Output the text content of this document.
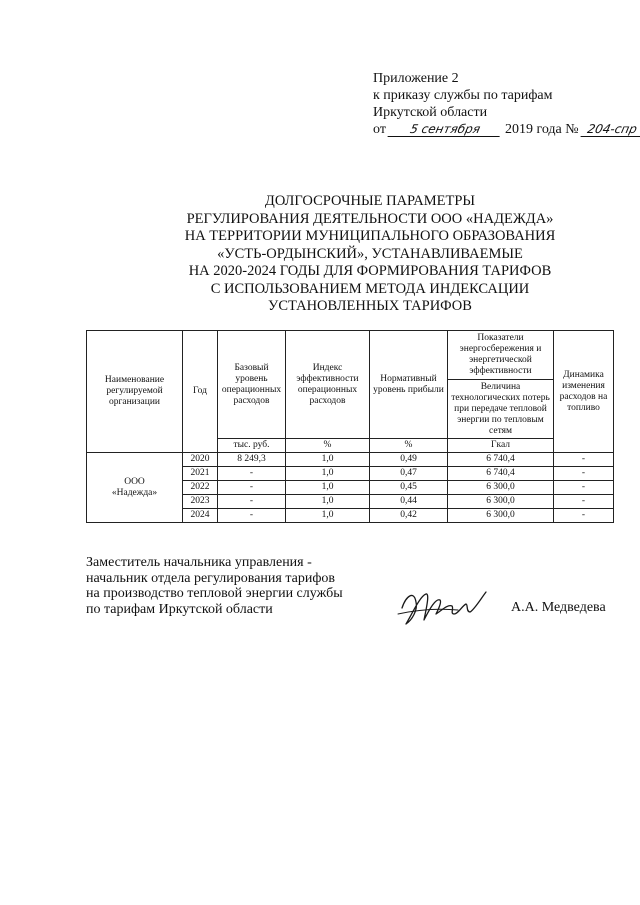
Приложение 2
к приказу службы по тарифам
Иркутской области
от 5 сентября 2019 года № 204-спр
ДОЛГОСРОЧНЫЕ ПАРАМЕТРЫ
РЕГУЛИРОВАНИЯ ДЕЯТЕЛЬНОСТИ ООО «НАДЕЖДА»
НА ТЕРРИТОРИИ МУНИЦИПАЛЬНОГО ОБРАЗОВАНИЯ
«УСТЬ-ОРДЫНСКИЙ», УСТАНАВЛИВАЕМЫЕ
НА 2020-2024 ГОДЫ ДЛЯ ФОРМИРОВАНИЯ ТАРИФОВ
С ИСПОЛЬЗОВАНИЕМ МЕТОДА ИНДЕКСАЦИИ
УСТАНОВЛЕННЫХ ТАРИФОВ
Наименование регулируемой организации	Год	Базовый уровень операционных расходов	Индекс эффективности операционных расходов	Нормативный уровень прибыли	Показатели энергосбережения и энергетической эффективности	Динамика изменения расходов на топливо
					Величина технологических потерь при передаче тепловой энергии по тепловым сетям	
		тыс. руб.	%	%	Гкал	

ООО
«Надежда»	2020	8 249,3	1,0	0,49	6 740,4	-
	2021	-	1,0	0,47	6 740,4	-
	2022	-	1,0	0,45	6 300,0	-
	2023	-	1,0	0,44	6 300,0	-
	2024	-	1,0	0,42	6 300,0	-
Заместитель начальника управления -
начальник отдела регулирования тарифов
на производство тепловой энергии службы
по тарифам Иркутской области	А.А. Медведева
